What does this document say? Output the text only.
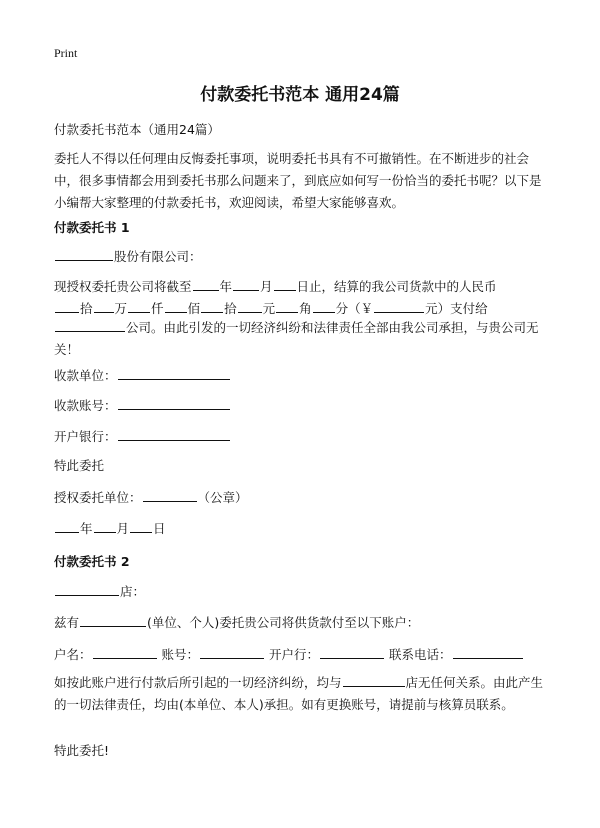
Print
付款委托书范本 通用24篇
付款委托书范本（通用24篇）
委托人不得以任何理由反悔委托事项，说明委托书具有不可撤销性。在不断进步的社会中，很多事情都会用到委托书那么问题来了，到底应如何写一份恰当的委托书呢？以下是小编帮大家整理的付款委托书，欢迎阅读，希望大家能够喜欢。
付款委托书 1
股份有限公司：
现授权委托贵公司将截至 年 月 日止，结算的我公司货款中的人民币
拾 万 仟 佰 拾 元 角 分（￥	元）支付给
公司。由此引发的一切经济纠纷和法律责任全部由我公司承担，与贵公司无关！
收款单位：
收款账号：
开户银行：
特此委托
授权委托单位：	（公章）
年 月 日
付款委托书 2
店：
兹有	(单位、个人)委托贵公司将供货款付至以下账户：
户名：	账号：	开户行：	联系电话：
如按此账户进行付款后所引起的一切经济纠纷，均与	店无任何关系。由此产生的一切法律责任，均由(本单位、本人)承担。如有更换账号，请提前与核算员联系。
特此委托!
